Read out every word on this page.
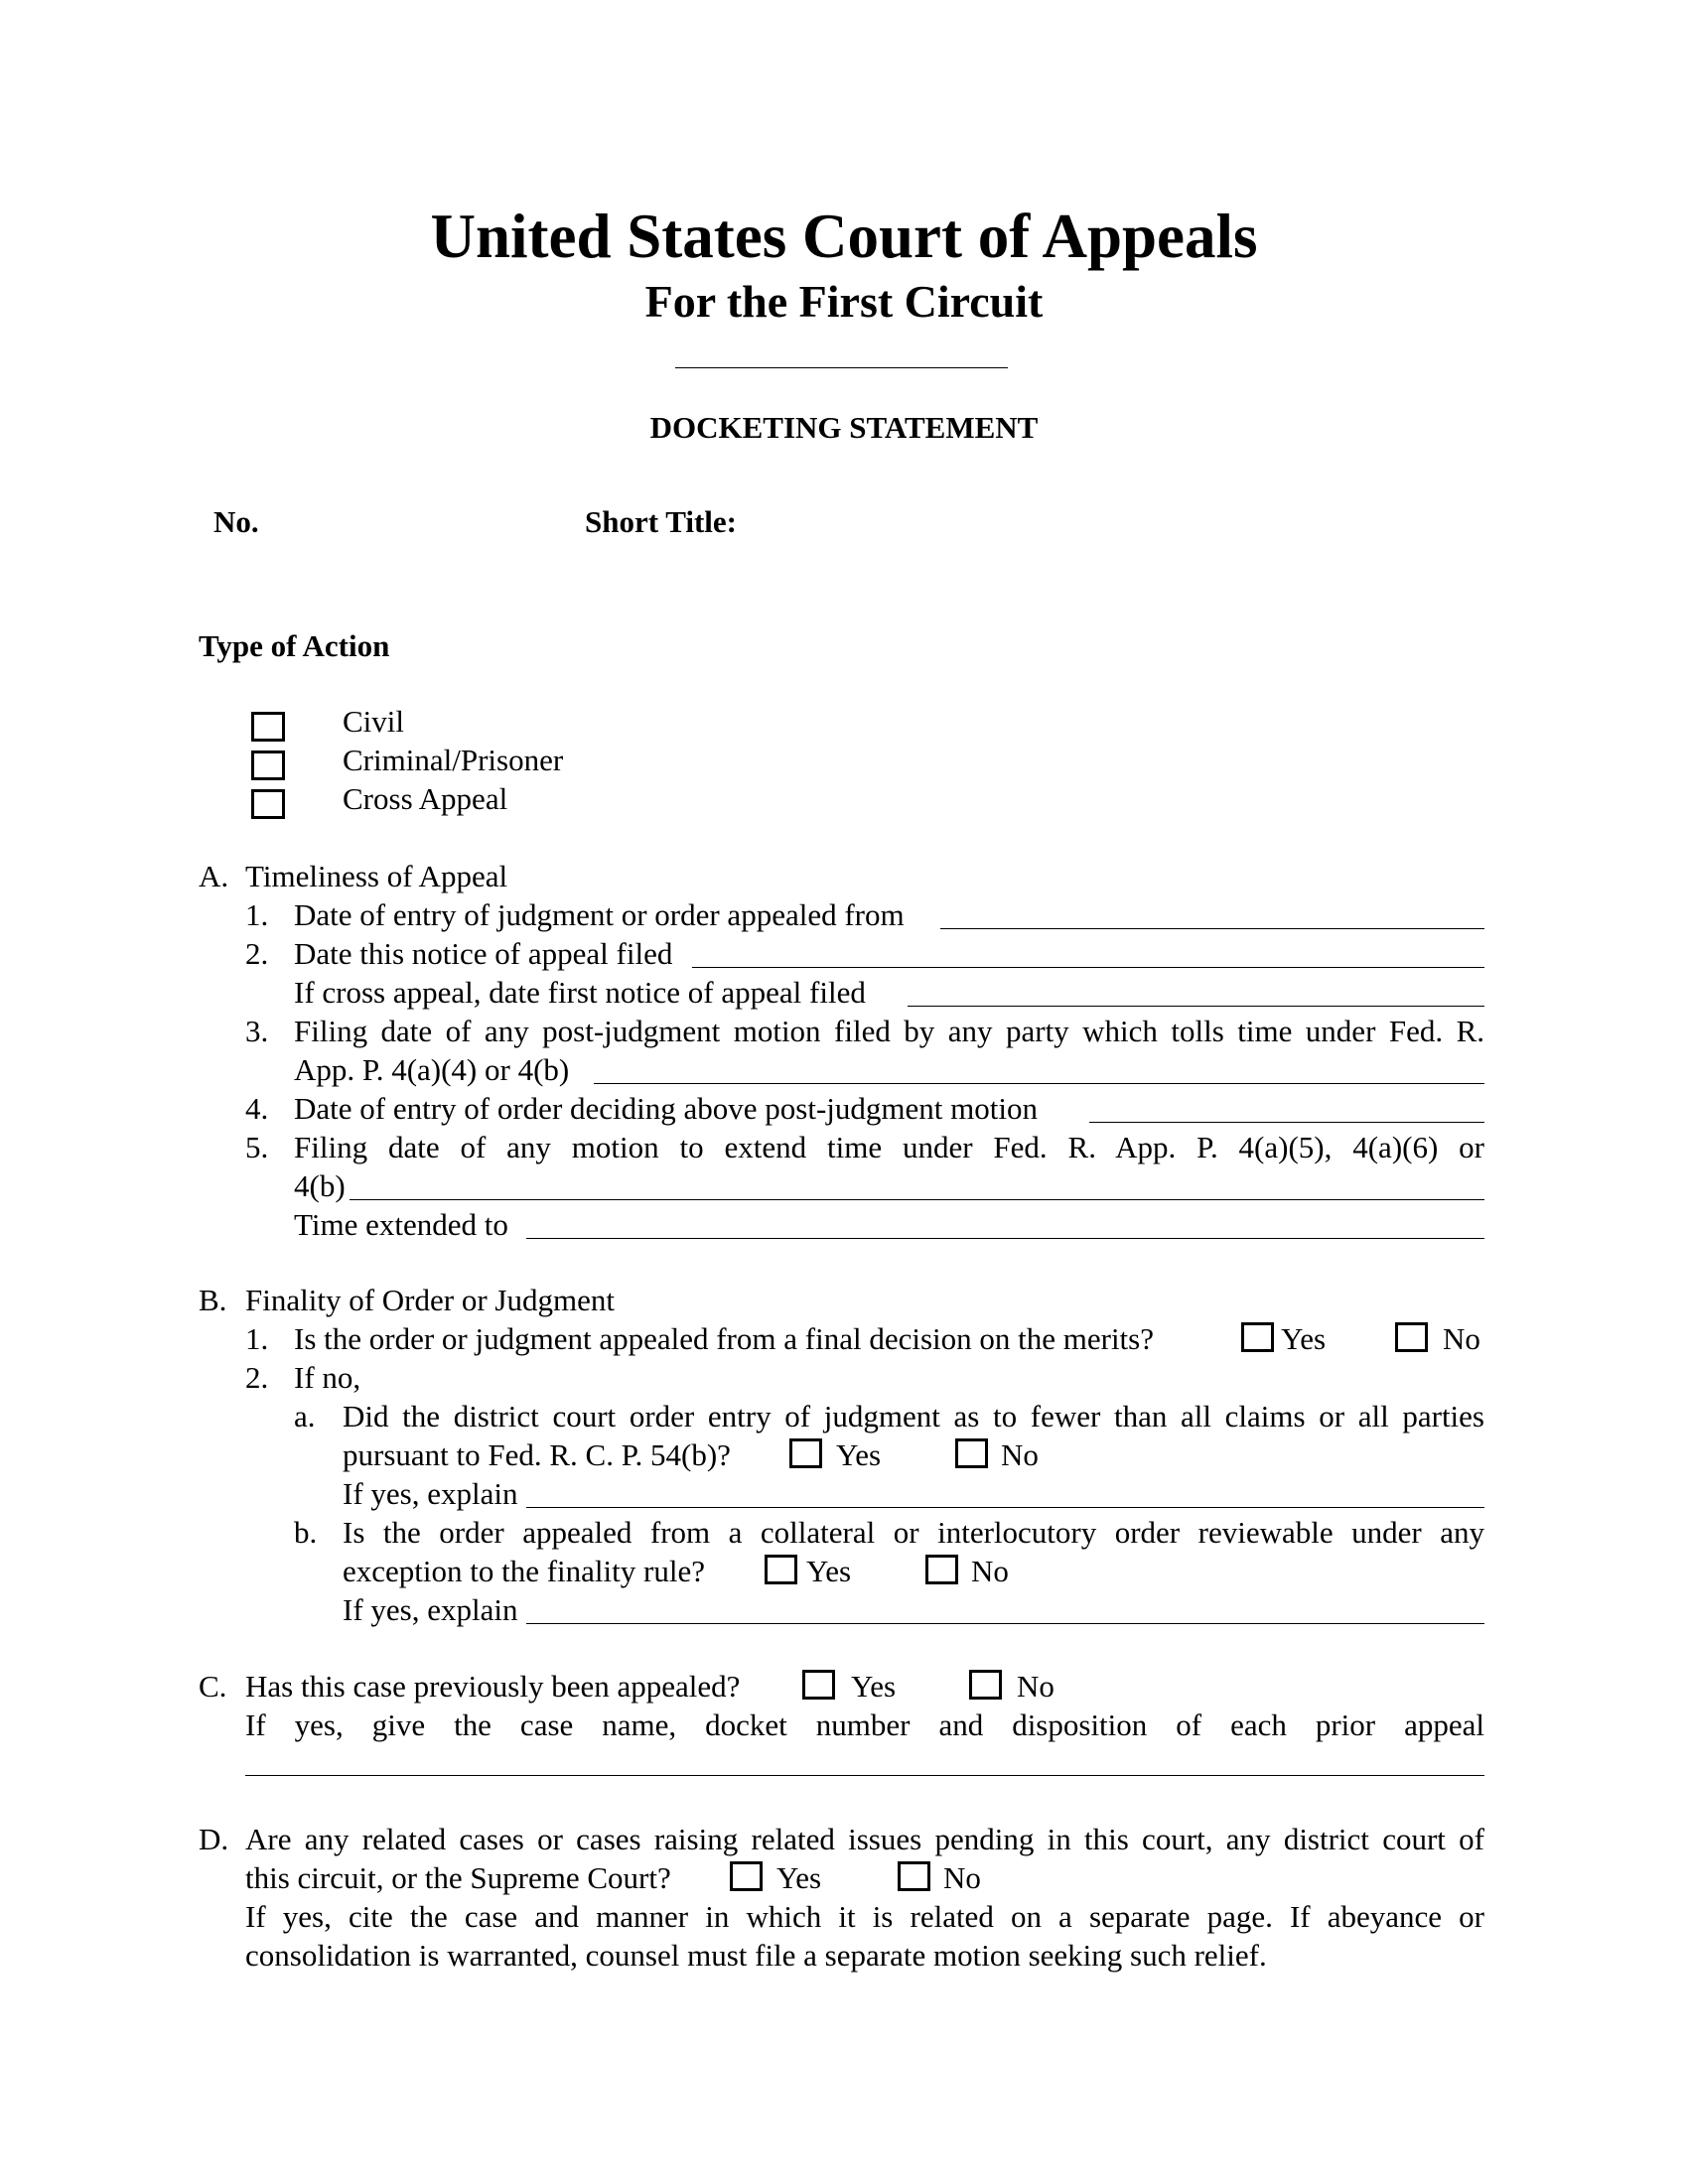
United States Court of Appeals
For the First Circuit
DOCKETING STATEMENT
No.	Short Title:
Type of Action
Civil
Criminal/Prisoner
Cross Appeal
A. Timeliness of Appeal
1. Date of entry of judgment or order appealed from
2. Date this notice of appeal filed
If cross appeal, date first notice of appeal filed
3. Filing date of any post-judgment motion filed by any party which tolls time under Fed. R.
App. P. 4(a)(4) or 4(b)
4. Date of entry of order deciding above post-judgment motion
5. Filing date of any motion to extend time under Fed. R. App. P. 4(a)(5), 4(a)(6) or
4(b)
Time extended to
B. Finality of Order or Judgment
1. Is the order or judgment appealed from a final decision on the merits?	Yes	No
2. If no,
a. Did the district court order entry of judgment as to fewer than all claims or all parties
pursuant to Fed. R. C. P. 54(b)?	Yes	No
If yes, explain
b. Is the order appealed from a collateral or interlocutory order reviewable under any
exception to the finality rule?	Yes	No
If yes, explain
C. Has this case previously been appealed?	Yes	No
If yes, give the case name, docket number and disposition of each prior appeal
D. Are any related cases or cases raising related issues pending in this court, any district court of
this circuit, or the Supreme Court?	Yes	No
If yes, cite the case and manner in which it is related on a separate page. If abeyance or
consolidation is warranted, counsel must file a separate motion seeking such relief.
